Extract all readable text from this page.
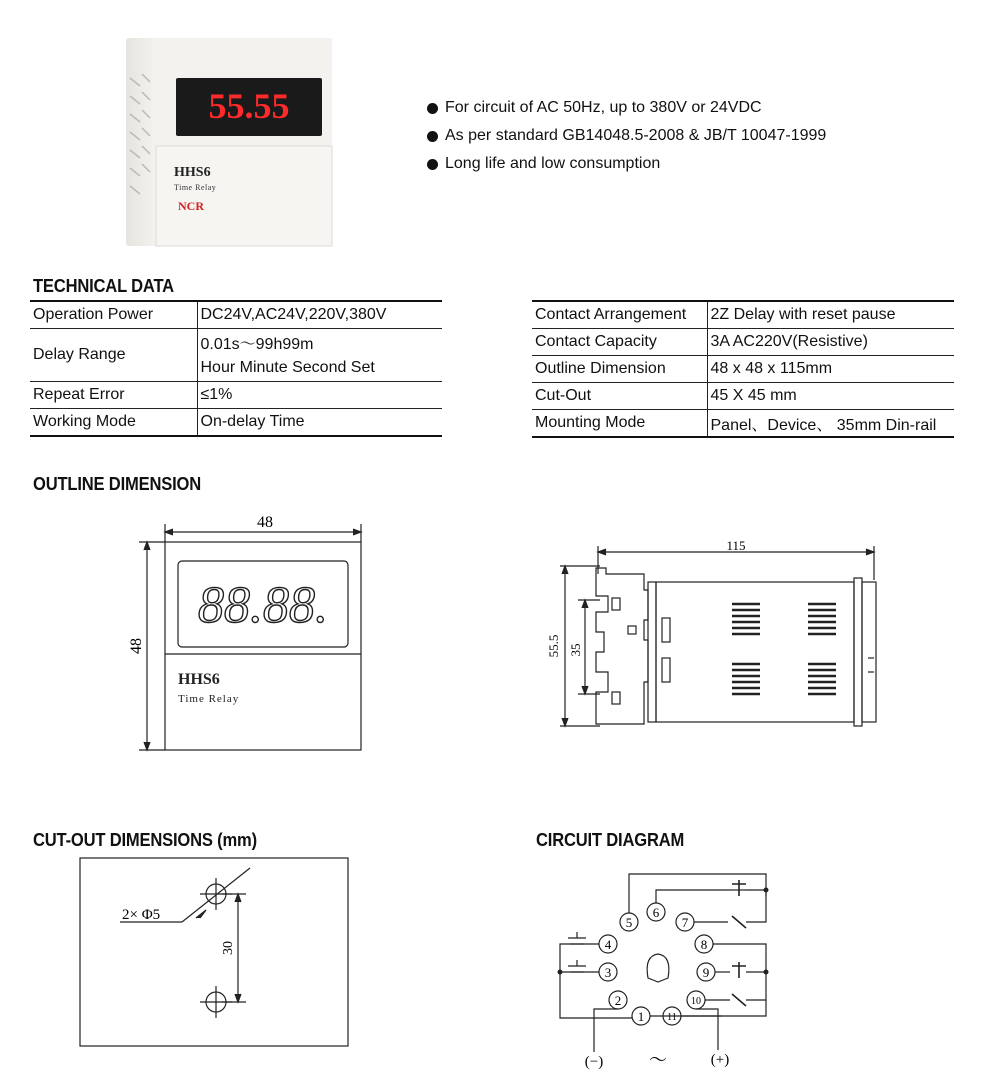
55.55
HHS6
Time Relay
NCR
For circuit of AC 50Hz, up to 380V or 24VDC
As per standard GB14048.5-2008 & JB/T 10047-1999
Long life and low consumption
TECHNICAL DATA
Operation Power	DC24V,AC24V,220V,380V
Delay Range	0.01s～99h99m
	Hour Minute Second Set
Repeat Error	≤1%
Working Mode	On-delay Time
Contact Arrangement	2Z Delay with reset pause
Contact Capacity	3A AC220V(Resistive)
Outline Dimension	48 x 48 x 115mm
Cut-Out	45 X 45 mm
Mounting Mode	Panel、Device、 35mm Din-rail
OUTLINE DIMENSION
48
48
88.88.
HHS6
Time Relay
115
55.5 35
CUT-OUT DIMENSIONS (mm)
2× Φ5
30
CIRCUIT DIAGRAM
1
2
3
4
5
6
7
8
9
10
11
(−)	～	(+)
